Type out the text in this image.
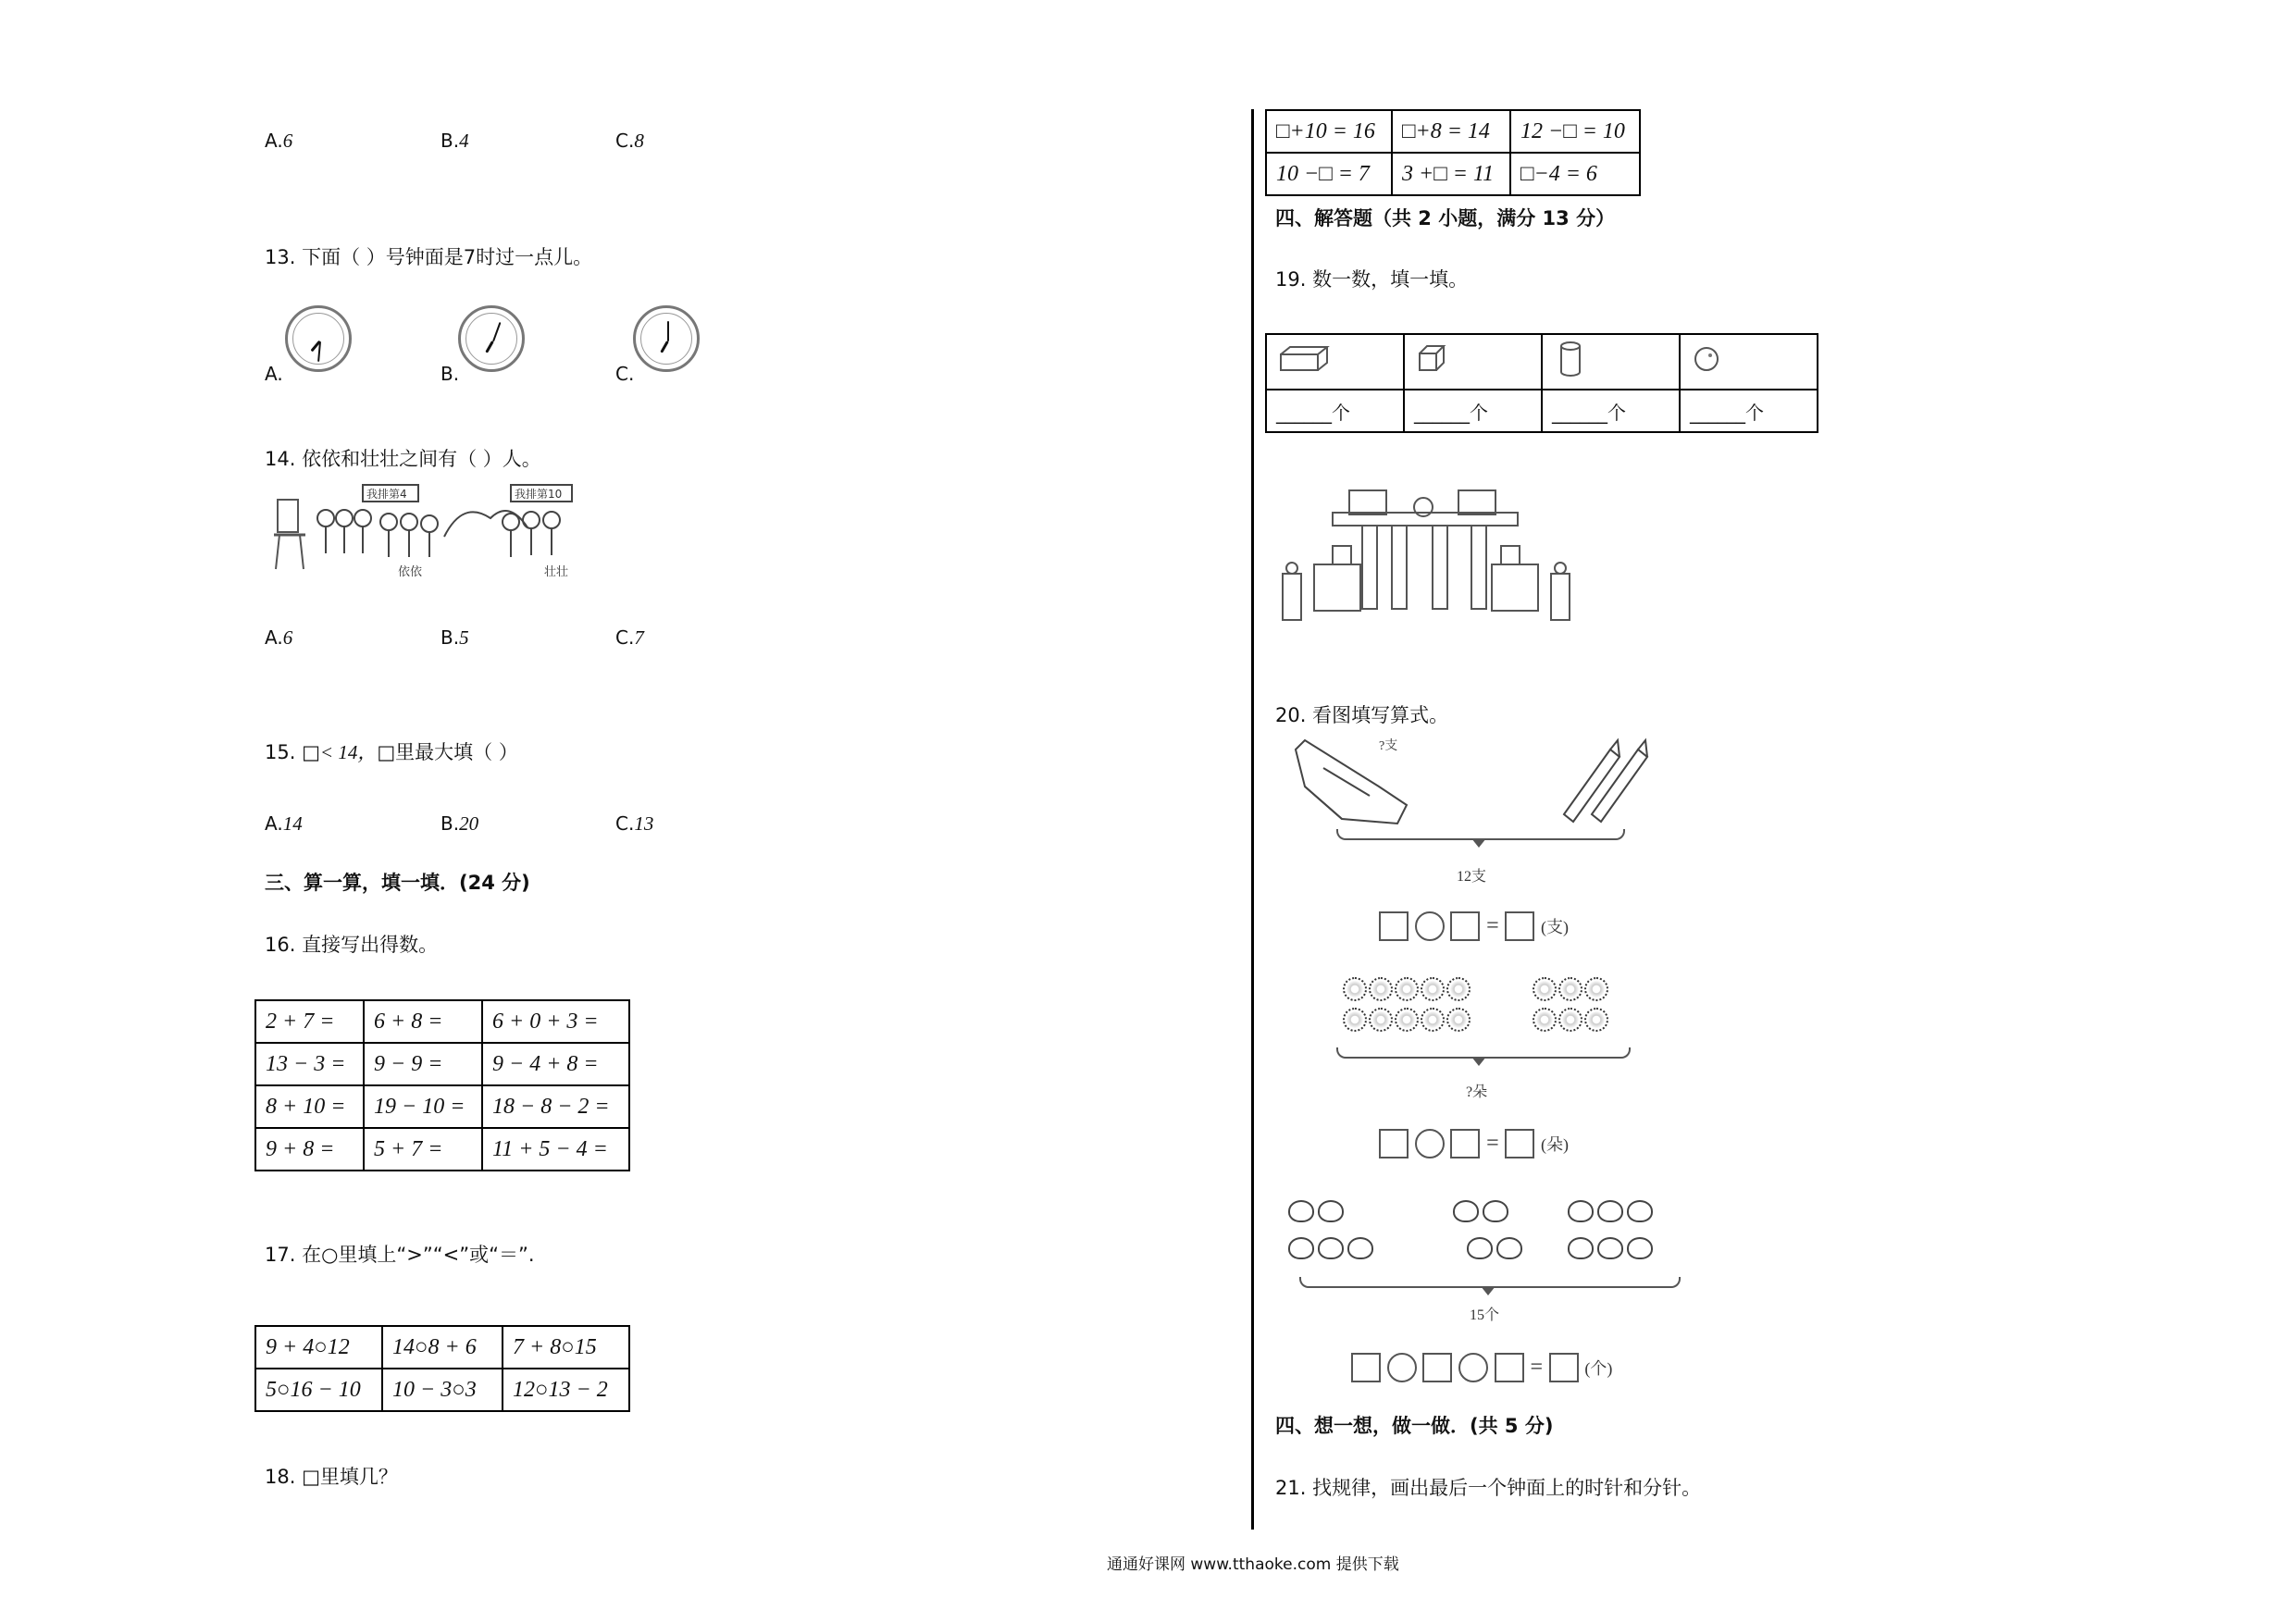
A.6	B.4	C.8
13. 下面（ ）号钟面是7时过一点儿。
A.	B.	C.
14. 依依和壮壮之间有（ ）人。
我排第4	我排第10
依依	壮壮
A.6	B.5	C.7
15. □< 14，□里最大填（ ）
A.14	B.20	C.13
三、算一算，填一填．(24 分)
16. 直接写出得数。
2 + 7 =	6 + 8 =	6 + 0 + 3 =
13 − 3 =	9 − 9 =	9 − 4 + 8 =
8 + 10 =	19 − 10 =	18 − 8 − 2 =
9 + 8 =	5 + 7 =	11 + 5 − 4 =
17. 在○里填上“>”“<”或“＝”.
9 + 4○12	14○8 + 6	7 + 8○15
5○16 − 10	10 − 3○3	12○13 − 2
18. □里填几？
□+10 = 16	□+8 = 14	12 −□ = 10
10 −□ = 7	3 +□ = 11	□−4 = 6
四、解答题（共 2 小题，满分 13 分）
19. 数一数，填一填。

______个	______个	______个	______个
20. 看图填写算式。
?支
12支
=	(支)
?朵
=	(朵)
15个
=	(个)
四、想一想，做一做．(共 5 分)
21. 找规律，画出最后一个钟面上的时针和分针。
通通好课网 www.tthaoke.com 提供下载
